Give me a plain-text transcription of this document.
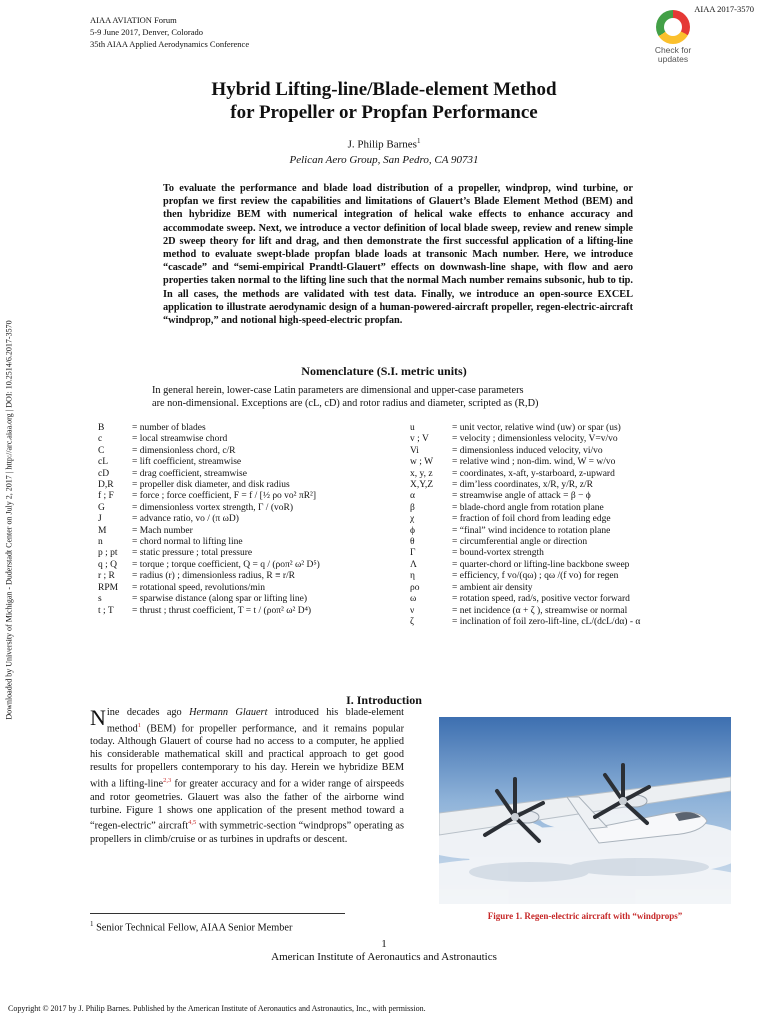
AIAA AVIATION Forum
5-9 June 2017, Denver, Colorado
35th AIAA Applied Aerodynamics Conference
AIAA 2017-3570
Check for
updates
Downloaded by University of Michigan - Duderstadt Center on July 2, 2017 | http://arc.aiaa.org | DOI: 10.2514/6.2017-3570
Hybrid Lifting-line/Blade-element Method
for Propeller or Propfan Performance
J. Philip Barnes$^1$
Pelican Aero Group, San Pedro, CA 90731
To evaluate the performance and blade load distribution of a propeller, windprop, wind turbine, or propfan we first review the capabilities and limitations of Glauert’s Blade Element Method (BEM) and then hybridize BEM with numerical integration of helical wake effects to enhance accuracy and accommodate sweep. Next, we introduce a vector definition of local blade sweep, review and renew simple 2D sweep theory for lift and drag, and then demonstrate the first successful application of a lifting-line method to evaluate swept-blade propfan blade loads at transonic Mach number. Here, we introduce “cascade” and “semi-empirical Prandtl-Glauert” effects on downwash-line shape, with flow and aero properties taken normal to the lifting line such that the normal Mach number remains subsonic, hub to tip. In all cases, the methods are validated with test data. Finally, we introduce an open-source EXCEL application to illustrate aerodynamic design of a human-powered-aircraft propeller, regen-electric-aircraft “windprop,” and notional high-speed-electric propfan.
Nomenclature (S.I. metric units)
In general herein, lower-case Latin parameters are dimensional and upper-case parameters
are non-dimensional. Exceptions are (cL, cD) and rotor radius and diameter, scripted as (R,D)
B	= number of blades
c	= local streamwise chord
C	= dimensionless chord, c/R
cL	= lift coefficient, streamwise
cD	= drag coefficient, streamwise
D,R	= propeller disk diameter, and disk radius
f ; F	= force ; force coefficient, F = f / [½ ρo vo² πR²]
G	= dimensionless vortex strength, Γ / (voR)
J	= advance ratio, vo / (π ωD)
M	= Mach number
n	= chord normal to lifting line
p ; pt	= static pressure ; total pressure
q ; Q	= torque ; torque coefficient, Q = q / (ρoπ² ω² D⁵)
r ; R	= radius (r) ; dimensionless radius, R ≡ r/R
RPM	= rotational speed, revolutions/min
s	= sparwise distance (along spar or lifting line)
t ; T	= thrust ; thrust coefficient, T = t / (ρoπ² ω² D⁴)
u	= unit vector, relative wind (uw) or spar (us)
v ; V	= velocity ; dimensionless velocity, V=v/vo
Vi	= dimensionless induced velocity, vi/vo
w ; W	= relative wind ; non-dim. wind, W = w/vo
x, y, z	= coordinates, x-aft, y-starboard, z-upward
X,Y,Z	= dim’less coordinates, x/R, y/R, z/R
α	= streamwise angle of attack = β − ϕ
β	= blade-chord angle from rotation plane
χ	= fraction of foil chord from leading edge
ϕ	= “final” wind incidence to rotation plane
θ	= circumferential angle or direction
Γ	= bound-vortex strength
Λ	= quarter-chord or lifting-line backbone sweep
η	= efficiency, f vo/(qω) ; qω /(f vo) for regen
ρo	= ambient air density
ω	= rotation speed, rad/s, positive vector forward
ν	= net incidence (α + ζ ), streamwise or normal
ζ	= inclination of foil zero-lift-line, cL/(dcL/dα) - α
I. Introduction
Nine decades ago Hermann Glauert introduced his blade-element method$^1$ (BEM) for propeller performance, and it remains popular today. Although Glauert of course had no access to a computer, he applied his considerable mathematical skill and practical approach to get good results for propellers contemporary to his day. Herein we hybridize BEM with a lifting-line$^{2,3}$ for greater accuracy and for a wider range of airspeeds and rotor geometries. Glauert was also the father of the airborne wind turbine. Figure 1 shows one application of the present method toward a “regen-electric” aircraft$^{4,5}$ with symmetric-section “windprops” operating as propellers in climb/cruise or as turbines in updrafts or descent.
Figure 1. Regen-electric aircraft with “windprops”
$^1$ Senior Technical Fellow, AIAA Senior Member
1
American Institute of Aeronautics and Astronautics
Copyright © 2017 by J. Philip Barnes. Published by the American Institute of Aeronautics and Astronautics, Inc., with permission.
